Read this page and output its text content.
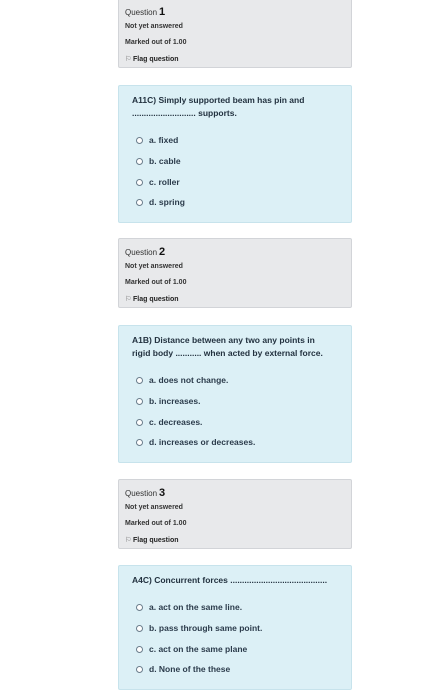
Question 1
Not yet answered
Marked out of 1.00
⚐ Flag question
A11C) Simply supported beam has pin and
........................... supports.
a. fixed
b. cable
c. roller
d. spring
Question 2
Not yet answered
Marked out of 1.00
⚐ Flag question
A1B) Distance between any two any points in
rigid body ........... when acted by external force.
a. does not change.
b. increases.
c. decreases.
d. increases or decreases.
Question 3
Not yet answered
Marked out of 1.00
⚐ Flag question
A4C) Concurrent forces .........................................
a. act on the same line.
b. pass through same point.
c. act on the same plane
d. None of the these
